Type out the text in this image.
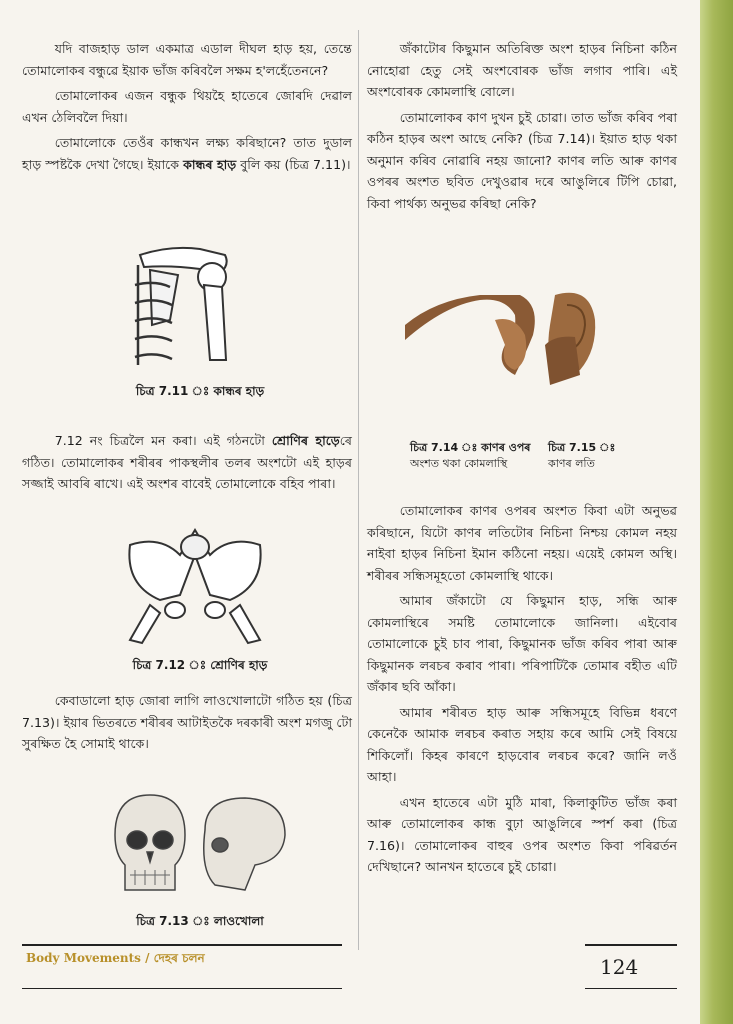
যদি বাজহাড় ডাল একমাত্র এডাল দীঘল হাড় হয়, তেন্তে তোমালোকৰ বন্ধুৱে ইয়াক ভাঁজ কৰিবলৈ সক্ষম হ'লহেঁতেননে?

তোমালোকৰ এজন বন্ধুক থিয়হৈ হাতেৰে জোৰদি দেৱাল এখন ঠেলিবলৈ দিয়া।

তোমালোকে তেওঁৰ কান্ধখন লক্ষ্য কৰিছানে? তাত দুডাল হাড় স্পষ্টকৈ দেখা গৈছে। ইয়াকে কান্ধৰ হাড় বুলি কয় (চিত্ৰ 7.11)।

চিত্ৰ 7.11 ঃ কান্ধৰ হাড়

7.12 নং চিত্ৰলৈ মন কৰা। এই গঠনটো শ্ৰোণিৰ হাড়েৰে গঠিত। তোমালোকৰ শৰীৰৰ পাকস্থলীৰ তলৰ অংশটো এই হাড়ৰ সজ্জাই আবৰি ৰাখে। এই অংশৰ বাবেই তোমালোকে বহিব পাৰা।

চিত্ৰ 7.12 ঃ শ্ৰোণিৰ হাড়

কেবাডালো হাড় জোৰা লাগি লাওখোলাটো গঠিত হয় (চিত্ৰ 7.13)। ইয়াৰ ভিতৰতে শৰীৰৰ আটাইতকৈ দৰকাৰী অংশ মগজু টো সুৰক্ষিত হৈ সোমাই থাকে।

চিত্ৰ 7.13 ঃ লাওখোলা

জঁকাটোৰ কিছুমান অতিৰিক্ত অংশ হাড়ৰ নিচিনা কঠিন নোহোৱা হেতু সেই অংশবোৰক ভাঁজ লগাব পাৰি। এই অংশবোৰক কোমলাস্থি বোলে।

তোমালোকৰ কাণ দুখন চুই চোৱা। তাত ভাঁজ কৰিব পৰা কঠিন হাড়ৰ অংশ আছে নেকি? (চিত্ৰ 7.14)। ইয়াত হাড় থকা অনুমান কৰিব নোৱাৰি নহয় জানো? কাণৰ লতি আৰু কাণৰ ওপৰৰ অংশত ছবিত দেখুওৱাৰ দৰে আঙুলিৰে টিপি চোৱা, কিবা পাৰ্থক্য অনুভৱ কৰিছা নেকি?

চিত্ৰ 7.14 ঃ কাণৰ ওপৰ
অংশত থকা কোমলাস্থি
চিত্ৰ 7.15 ঃ
কাণৰ লতি

তোমালোকৰ কাণৰ ওপৰৰ অংশত কিবা এটা অনুভৱ কৰিছানে, যিটো কাণৰ লতিটোৰ নিচিনা নিশ্চয় কোমল নহয় নাইবা হাড়ৰ নিচিনা ইমান কঠিনো নহয়। এয়েই কোমল অস্থি। শৰীৰৰ সন্ধিসমূহতো কোমলাস্থি থাকে।

আমাৰ জঁকাটো যে কিছুমান হাড়, সন্ধি আৰু কোমলাস্থিৰে সমষ্টি তোমালোকে জানিলা। এইবোৰ তোমালোকে চুই চাব পাৰা, কিছুমানক ভাঁজ কৰিব পাৰা আৰু কিছুমানক লৰচৰ কৰাব পাৰা। পৰিপাটিকৈ তোমাৰ বহীত এটি জঁকাৰ ছবি আঁকা।

আমাৰ শৰীৰত হাড় আৰু সন্ধিসমূহে বিভিন্ন ধৰণে কেনেকৈ আমাক লৰচৰ কৰাত সহায় কৰে আমি সেই বিষয়ে শিকিলোঁ। কিহৰ কাৰণে হাড়বোৰ লৰচৰ কৰে? জানি লওঁ আহা।

এখন হাতেৰে এটা মুঠি মাৰা, কিলাকুটিত ভাঁজ কৰা আৰু তোমালোকৰ কান্ধ বুঢ়া আঙুলিৰে স্পৰ্শ কৰা (চিত্ৰ 7.16)। তোমালোকৰ বাহুৰ ওপৰ অংশত কিবা পৰিৱৰ্তন দেখিছানে? আনখন হাতেৰে চুই চোৱা।

Body Movements / দেহৰ চলন	124
